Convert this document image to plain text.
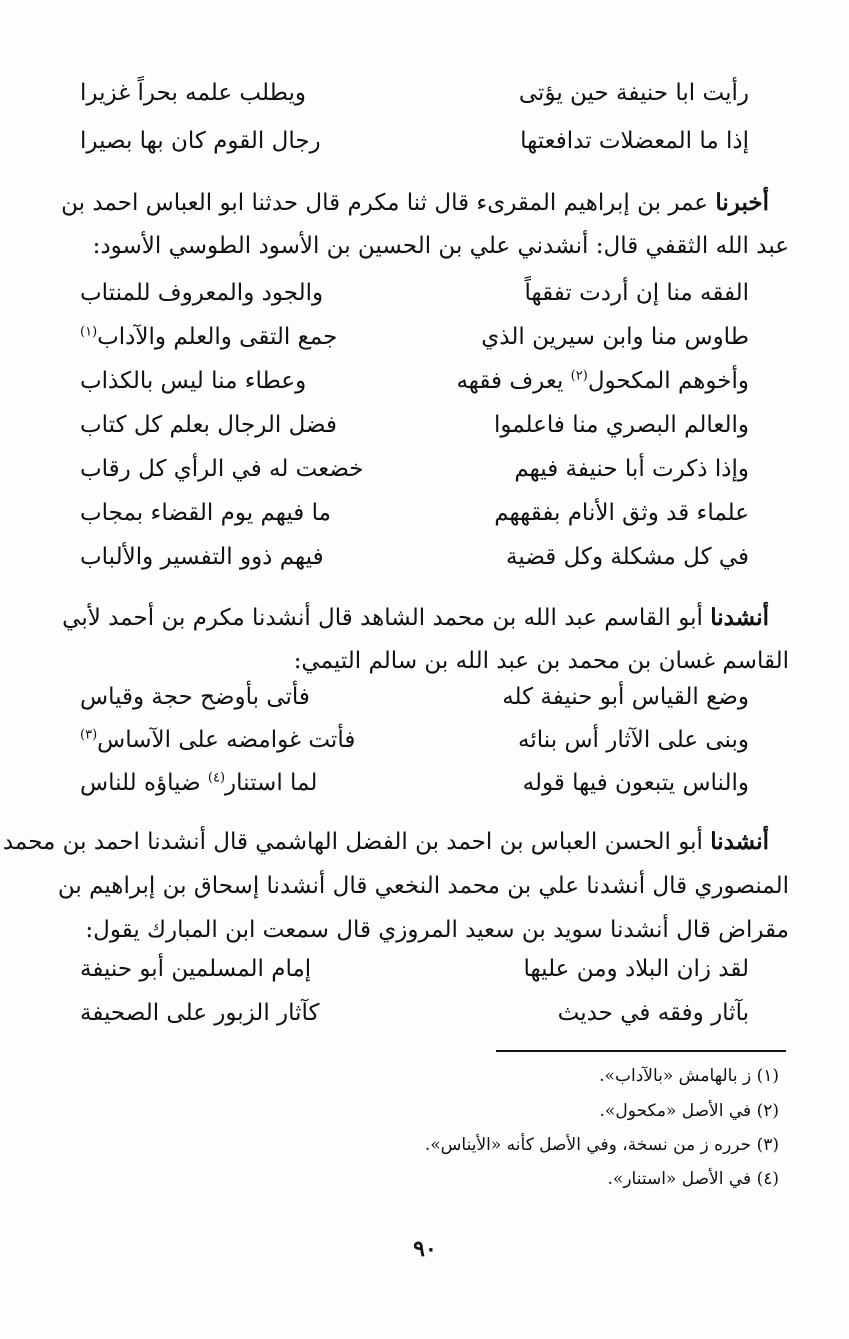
رأيت ابا حنيفة حين يؤتى
ويطلب علمه بحراً غزيرا
إذا ما المعضلات تدافعتها
رجال القوم كان بها بصيرا
أخبرنا عمر بن إبراهيم المقرىء قال ثنا مكرم قال حدثنا ابو العباس احمد بن
عبد الله الثقفي قال: أنشدني علي بن الحسين بن الأسود الطوسي الأسود:
الفقه منا إن أردت تفقهاً
والجود والمعروف للمنتاب
طاوس منا وابن سيرين الذي
جمع التقى والعلم والآداب$^{(١)}$
وأخوهم المكحول$^{(٢)}$ يعرف فقهه
وعطاء منا ليس بالكذاب
والعالم البصري منا فاعلموا
فضل الرجال بعلم كل كتاب
وإذا ذكرت أبا حنيفة فيهم
خضعت له في الرأي كل رقاب
علماء قد وثق الأنام بفقههم
ما فيهم يوم القضاء بمجاب
في كل مشكلة وكل قضية
فيهم ذوو التفسير والألباب
أنشدنا أبو القاسم عبد الله بن محمد الشاهد قال أنشدنا مكرم بن أحمد لأبي
القاسم غسان بن محمد بن عبد الله بن سالم التيمي:
وضع القياس أبو حنيفة كله
فأتى بأوضح حجة وقياس
وبنى على الآثار أس بنائه
فأتت غوامضه على الآساس$^{(٣)}$
والناس يتبعون فيها قوله
لما استنار$^{(٤)}$ ضياؤه للناس
أنشدنا أبو الحسن العباس بن احمد بن الفضل الهاشمي قال أنشدنا احمد بن محمد
المنصوري قال أنشدنا علي بن محمد النخعي قال أنشدنا إسحاق بن إبراهيم بن
مقراض قال أنشدنا سويد بن سعيد المروزي قال سمعت ابن المبارك يقول:
لقد زان البلاد ومن عليها
إمام المسلمين أبو حنيفة
بآثار وفقه في حديث
كآثار الزبور على الصحيفة
(١) ز بالهامش «بالآداب».
(٢) في الأصل «مكحول».
(٣) حرره ز من نسخة، وفي الأصل كأنه «الأيناس».
(٤) في الأصل «استنار».
٩٠
